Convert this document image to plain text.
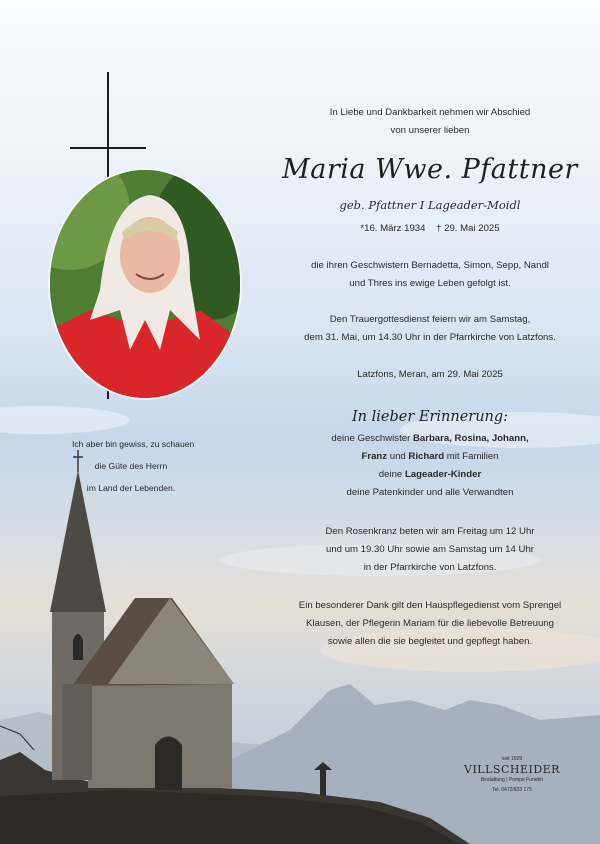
In Liebe und Dankbarkeit nehmen wir Abschied
von unserer lieben
Maria Wwe. Pfattner
geb. Pfattner I Lageader-Moidl
*16. März 1934    † 29. Mai 2025
die ihren Geschwistern Bernadetta, Simon, Sepp, Nandl
und Thres ins ewige Leben gefolgt ist.
Den Trauergottesdienst feiern wir am Samstag,
dem 31. Mai, um 14.30 Uhr in der Pfarrkirche von Latzfons.
Latzfons, Meran, am 29. Mai 2025
In lieber Erinnerung:
deine Geschwister Barbara, Rosina, Johann,
Franz und Richard mit Familien
deine Lageader-Kinder
deine Patenkinder und alle Verwandten
Den Rosenkranz beten wir am Freitag um 12 Uhr
und um 19.30 Uhr sowie am Samstag um 14 Uhr
in der Pfarrkirche von Latzfons.
Ein besonderer Dank gilt den Hauspflegedienst vom Sprengel
Klausen, der Pflegerin Mariam für die liebevolle Betreuung
sowie allen die sie begleitet und gepflegt haben.
Ich aber bin gewiss, zu schauen
die Güte des Herrn
im Land der Lebenden.
seit 1929
VILLSCHEIDER
Bestattung | Pompe Funebri
Tel. 0472/833 175
